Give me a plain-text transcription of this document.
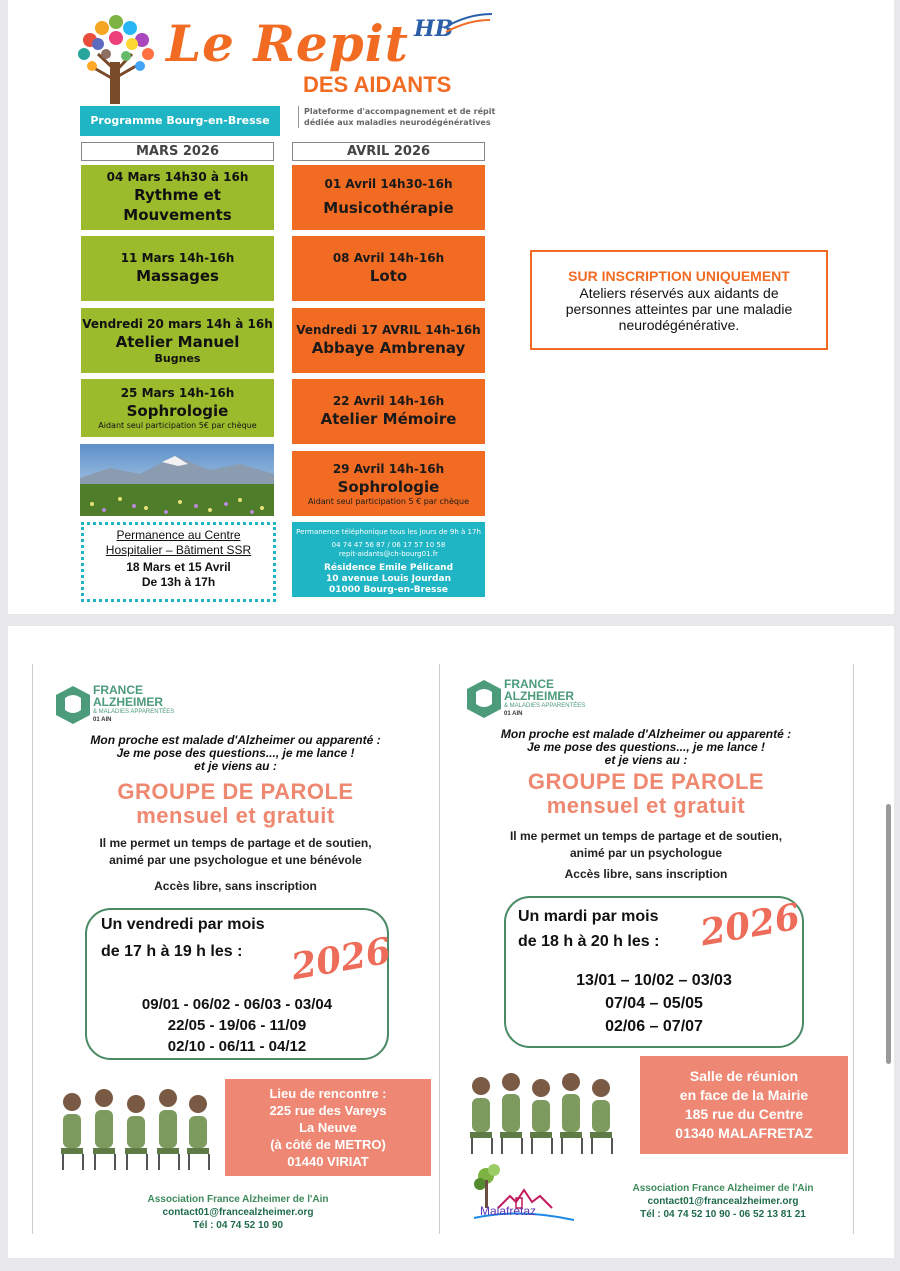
Le Repit
DES AIDANTS
HB
Programme Bourg-en-Bresse
Plateforme d'accompagnement et de répit
dédiée aux maladies neurodégénératives
MARS 2026	AVRIL 2026
04 Mars 14h30 à 16h
Rythme et Mouvements
11 Mars 14h-16h
Massages
Vendredi 20 mars 14h à 16h
Atelier Manuel
Bugnes
25 Mars 14h-16h
Sophrologie
Aidant seul participation 5€ par chèque
Permanence au Centre
Hospitalier – Bâtiment SSR
18 Mars et 15 Avril
De 13h à 17h
01 Avril 14h30-16h
Musicothérapie
08 Avril 14h-16h
Loto
Vendredi 17 AVRIL 14h-16h
Abbaye Ambrenay
22 Avril 14h-16h
Atelier Mémoire
29 Avril 14h-16h
Sophrologie
Aidant seul participation 5 € par chèque
Permanence téléphonique tous les jours de 9h à 17h
04 74 47 56 87 / 06 17 57 10 58
repit-aidants@ch-bourg01.fr
Résidence Emile Pélicand
10 avenue Louis Jourdan
01000 Bourg-en-Bresse
SUR INSCRIPTION UNIQUEMENT
Ateliers réservés aux aidants de personnes atteintes par une maladie neurodégénérative.
FRANCE
ALZHEIMER
& MALADIES APPARENTÉES
01 AIN
Mon proche est malade d'Alzheimer ou apparenté :
Je me pose des questions..., je me lance !
et je viens au :
GROUPE DE PAROLE
mensuel et gratuit
Il me permet un temps de partage et de soutien,
animé par une psychologue et une bénévole
Accès libre, sans inscription
Un vendredi par mois
de 17 h à 19 h les : 2026
09/01 - 06/02 - 06/03 - 03/04
22/05 - 19/06 - 11/09
02/10 - 06/11 - 04/12
Lieu de rencontre :
225 rue des Vareys
La Neuve
(à côté de METRO)
01440 VIRIAT
Association France Alzheimer de l'Ain
contact01@francealzheimer.org
Tél : 04 74 52 10 90
FRANCE
ALZHEIMER
& MALADIES APPARENTÉES
01 AIN
Mon proche est malade d'Alzheimer ou apparenté :
Je me pose des questions..., je me lance !
et je viens au :
GROUPE DE PAROLE
mensuel et gratuit
Il me permet un temps de partage et de soutien,
animé par un psychologue
Accès libre, sans inscription
Un mardi par mois
de 18 h à 20 h les : 2026
13/01 – 10/02 – 03/03
07/04 – 05/05
02/06 – 07/07
Salle de réunion
en face de la Mairie
185 rue du Centre
01340 MALAFRETAZ
Malafretaz
Association France Alzheimer de l'Ain
contact01@francealzheimer.org
Tél : 04 74 52 10 90 - 06 52 13 81 21
